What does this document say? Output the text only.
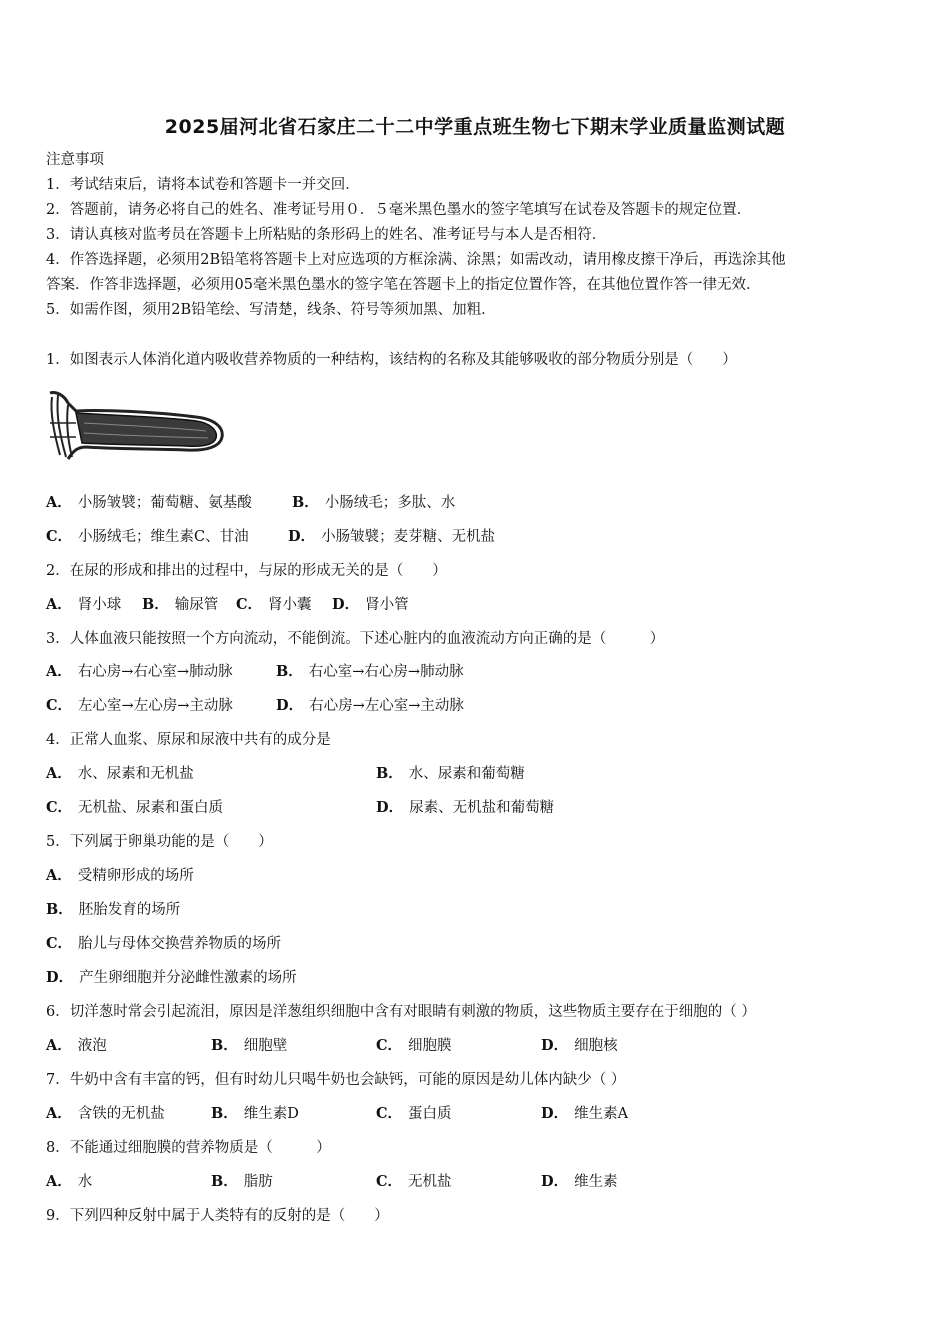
2025届河北省石家庄二十二中学重点班生物七下期末学业质量监测试题
注意事项
1．考试结束后，请将本试卷和答题卡一并交回．
2．答题前，请务必将自己的姓名、准考证号用０．５毫米黑色墨水的签字笔填写在试卷及答题卡的规定位置．
3．请认真核对监考员在答题卡上所粘贴的条形码上的姓名、准考证号与本人是否相符．
4．作答选择题，必须用2B铅笔将答题卡上对应选项的方框涂满、涂黑；如需改动，请用橡皮擦干净后，再选涂其他
答案．作答非选择题，必须用05毫米黑色墨水的签字笔在答题卡上的指定位置作答，在其他位置作答一律无效．
5．如需作图，须用2B铅笔绘、写清楚，线条、符号等须加黑、加粗．
1．如图表示人体消化道内吸收营养物质的一种结构，该结构的名称及其能够吸收的部分物质分别是（　　）
A． 小肠皱襞；葡萄糖、氨基酸	B． 小肠绒毛；多肽、水
C． 小肠绒毛；维生素C、甘油	D． 小肠皱襞；麦芽糖、无机盐
2．在尿的形成和排出的过程中，与尿的形成无关的是（　　）
A． 肾小球 B． 输尿管 C． 肾小囊 D． 肾小管
3．人体血液只能按照一个方向流动，不能倒流。下述心脏内的血液流动方向正确的是（　　　）
A． 右心房→右心室→肺动脉	B． 右心室→右心房→肺动脉
C． 左心室→左心房→主动脉	D． 右心房→左心室→主动脉
4．正常人血浆、原尿和尿液中共有的成分是
A． 水、尿素和无机盐	B． 水、尿素和葡萄糖
C． 无机盐、尿素和蛋白质	D． 尿素、无机盐和葡萄糖
5．下列属于卵巢功能的是（　　）
A． 受精卵形成的场所
B． 胚胎发育的场所
C． 胎儿与母体交换营养物质的场所
D． 产生卵细胞并分泌雌性激素的场所
6．切洋葱时常会引起流泪，原因是洋葱组织细胞中含有对眼睛有刺激的物质，这些物质主要存在于细胞的（ ）
A． 液泡	B． 细胞壁	C． 细胞膜	D． 细胞核
7．牛奶中含有丰富的钙，但有时幼儿只喝牛奶也会缺钙，可能的原因是幼儿体内缺少（ ）
A． 含铁的无机盐	B． 维生素D	C． 蛋白质	D． 维生素A
8．不能通过细胞膜的营养物质是（　　　）
A． 水	B． 脂肪	C． 无机盐	D． 维生素
9．下列四种反射中属于人类特有的反射的是（　　）
